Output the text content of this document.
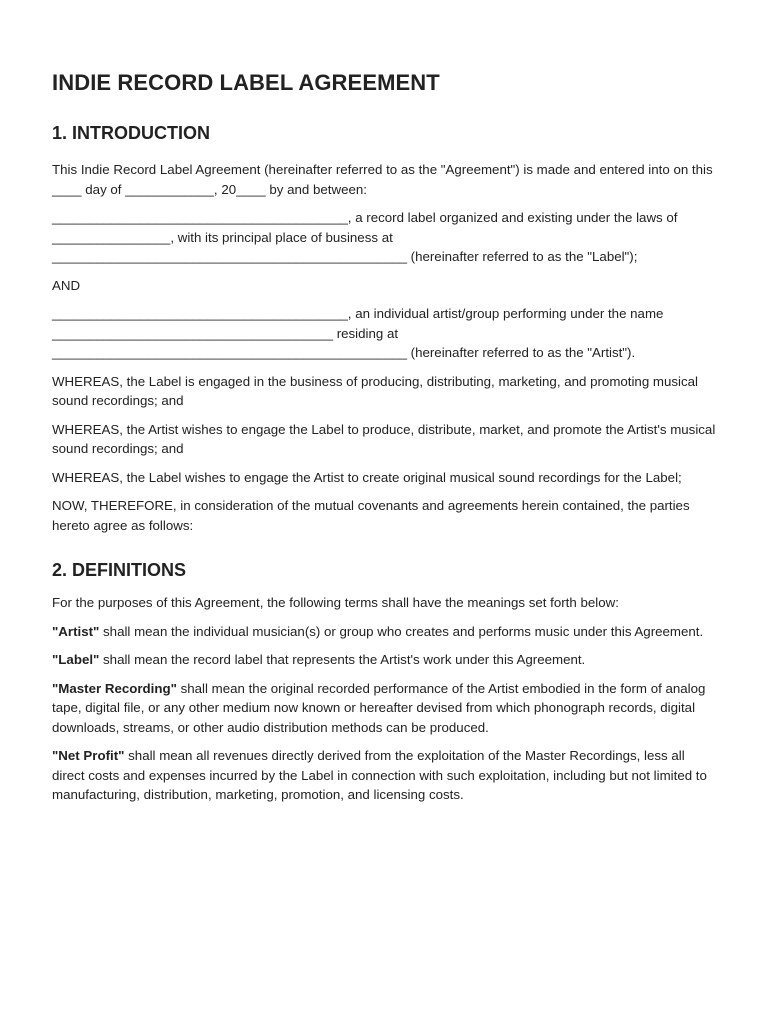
INDIE RECORD LABEL AGREEMENT
1. INTRODUCTION

This Indie Record Label Agreement (hereinafter referred to as the "Agreement") is made and entered into on this ____ day of ____________, 20____ by and between:

________________________________________, a record label organized and existing under the laws of ________________, with its principal place of business at ________________________________________________ (hereinafter referred to as the "Label");

AND

________________________________________, an individual artist/group performing under the name ______________________________________ residing at ________________________________________________ (hereinafter referred to as the "Artist").

WHEREAS, the Label is engaged in the business of producing, distributing, marketing, and promoting musical sound recordings; and

WHEREAS, the Artist wishes to engage the Label to produce, distribute, market, and promote the Artist's musical sound recordings; and

WHEREAS, the Label wishes to engage the Artist to create original musical sound recordings for the Label;

NOW, THEREFORE, in consideration of the mutual covenants and agreements herein contained, the parties hereto agree as follows:

2. DEFINITIONS

For the purposes of this Agreement, the following terms shall have the meanings set forth below:

"Artist" shall mean the individual musician(s) or group who creates and performs music under this Agreement.

"Label" shall mean the record label that represents the Artist's work under this Agreement.

"Master Recording" shall mean the original recorded performance of the Artist embodied in the form of analog tape, digital file, or any other medium now known or hereafter devised from which phonograph records, digital downloads, streams, or other audio distribution methods can be produced.

"Net Profit" shall mean all revenues directly derived from the exploitation of the Master Recordings, less all direct costs and expenses incurred by the Label in connection with such exploitation, including but not limited to manufacturing, distribution, marketing, promotion, and licensing costs.
